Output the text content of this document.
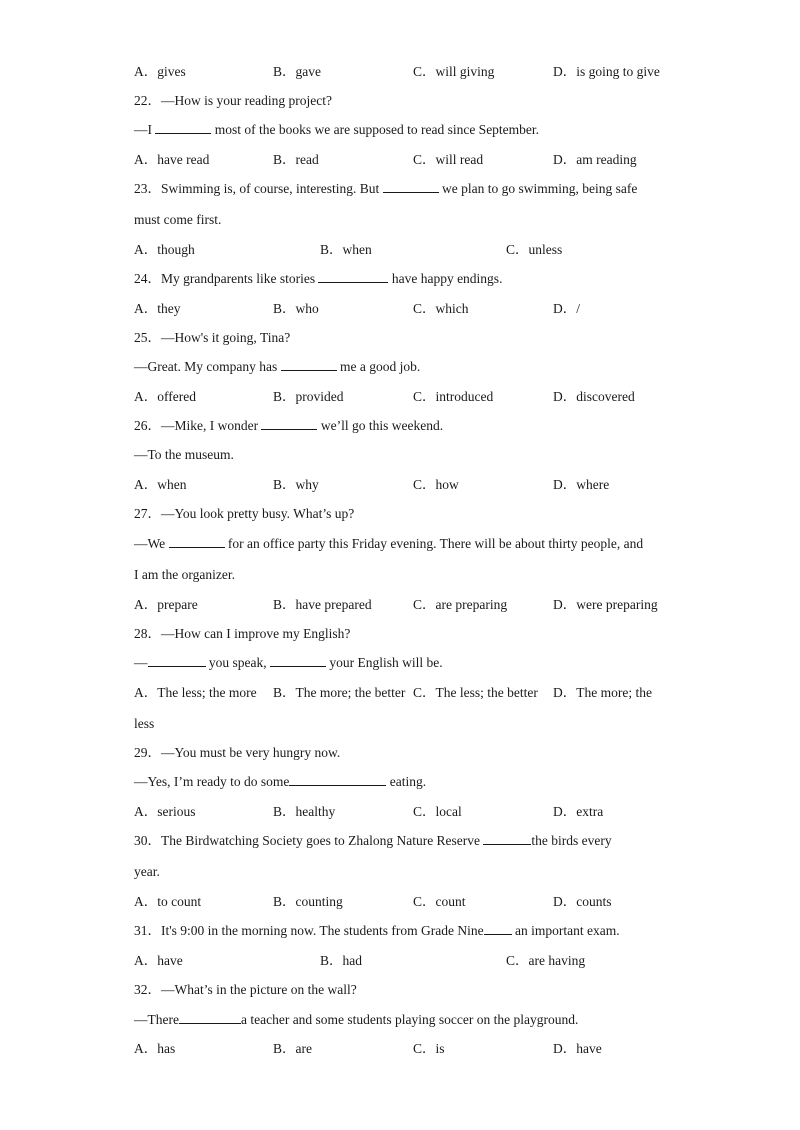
A．gives	B．gave	C．will giving	D．is going to give
22．—How is your reading project?
—I	most of the books we are supposed to read since September.
A．have read	B．read	C．will read	D．am reading
23．Swimming is, of course, interesting. But	we plan to go swimming, being safe
must come first.
A．though	B．when	C．unless
24．My grandparents like stories	have happy endings.
A．they	B．who	C．which	D．/
25．—How's it going, Tina?
—Great. My company has	me a good job.
A．offered	B．provided	C．introduced	D．discovered
26．—Mike, I wonder	we’ll go this weekend.
—To the museum.
A．when	B．why	C．how	D．where
27．—You look pretty busy. What’s up?
—We	for an office party this Friday evening. There will be about thirty people, and
I am the organizer.
A．prepare	B．have prepared	C．are preparing	D．were preparing
28．—How can I improve my English?
—	you speak,	your English will be.
A．The less; the more B．The more; the better C．The less; the better D．The more; the
less
29．—You must be very hungry now.
—Yes, I’m ready to do some	eating.
A．serious	B．healthy	C．local	D．extra
30．The Birdwatching Society goes to Zhalong Nature Reserve	the birds every
year.
A．to count	B．counting	C．count	D．counts
31．It's 9:00 in the morning now. The students from Grade Nine an important exam.
A．have	B．had	C．are having
32．—What’s in the picture on the wall?
—There	a teacher and some students playing soccer on the playground.
A．has	B．are	C．is	D．have
